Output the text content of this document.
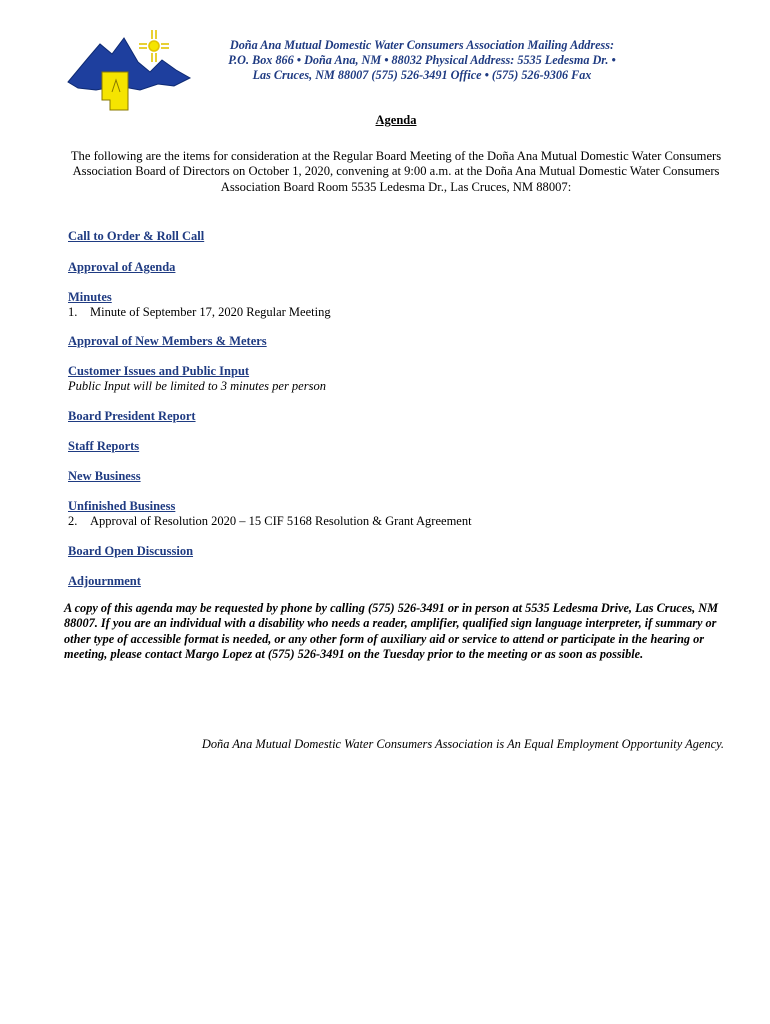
Doña Ana Mutual Domestic Water Consumers Association Mailing Address: P.O. Box 866 • Doña Ana, NM • 88032 Physical Address: 5535 Ledesma Dr. • Las Cruces, NM 88007 (575) 526-3491 Office • (575) 526-9306 Fax
Agenda
The following are the items for consideration at the Regular Board Meeting of the Doña Ana Mutual Domestic Water Consumers Association Board of Directors on October 1, 2020, convening at 9:00 a.m. at the Doña Ana Mutual Domestic Water Consumers Association Board Room 5535 Ledesma Dr., Las Cruces, NM 88007:
Call to Order & Roll Call
Approval of Agenda
Minutes
1. Minute of September 17, 2020 Regular Meeting
Approval of New Members & Meters
Customer Issues and Public Input
Public Input will be limited to 3 minutes per person
Board President Report
Staff Reports
New Business
Unfinished Business
2. Approval of Resolution 2020 – 15 CIF 5168 Resolution & Grant Agreement
Board Open Discussion
Adjournment
A copy of this agenda may be requested by phone by calling (575) 526-3491 or in person at 5535 Ledesma Drive, Las Cruces, NM 88007. If you are an individual with a disability who needs a reader, amplifier, qualified sign language interpreter, if summary or other type of accessible format is needed, or any other form of auxiliary aid or service to attend or participate in the hearing or meeting, please contact Margo Lopez at (575) 526-3491 on the Tuesday prior to the meeting or as soon as possible.
Doña Ana Mutual Domestic Water Consumers Association is An Equal Employment Opportunity Agency.
